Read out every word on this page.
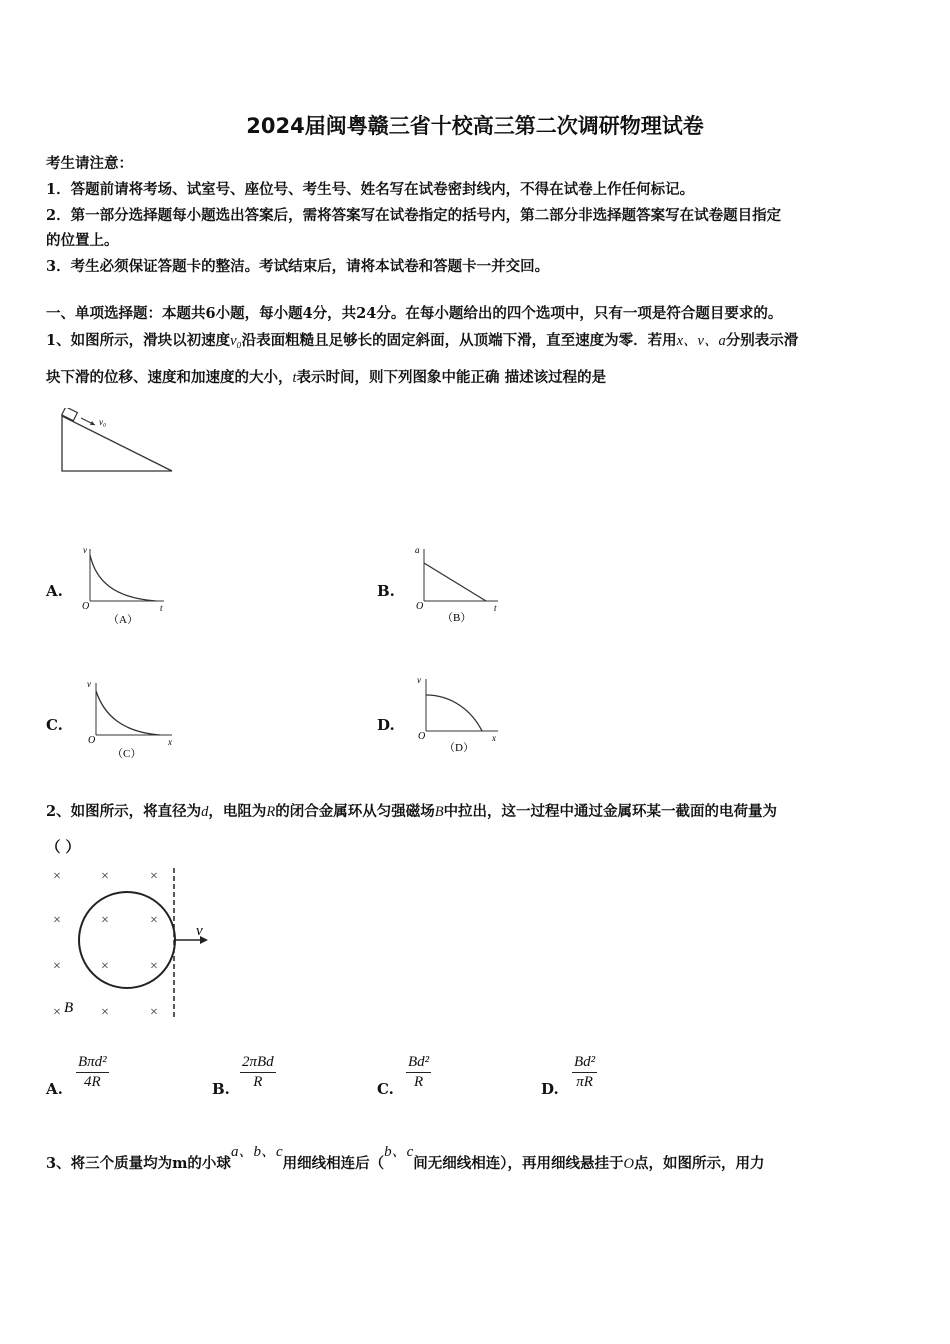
2024届闽粤赣三省十校高三第二次调研物理试卷
考生请注意：
1．答题前请将考场、试室号、座位号、考生号、姓名写在试卷密封线内，不得在试卷上作任何标记。
2．第一部分选择题每小题选出答案后，需将答案写在试卷指定的括号内，第二部分非选择题答案写在试卷题目指定
的位置上。
3．考生必须保证答题卡的整洁。考试结束后，请将本试卷和答题卡一并交回。
一、单项选择题：本题共6小题，每小题4分，共24分。在每小题给出的四个选项中，只有一项是符合题目要求的。
1、如图所示，滑块以初速度v₀沿表面粗糙且足够长的固定斜面，从顶端下滑，直至速度为零．若用x、v、a分别表示滑
块下滑的位移、速度和加速度的大小，t表示时间，则下列图象中能正确 描述该过程的是
v₀
A.
v
t
O
（A）
B.
a
t
O
（B）
C.
v
x
O
（C）
D.
v
x
O
（D）
2、如图所示，将直径为d，电阻为R的闭合金属环从匀强磁场B中拉出，这一过程中通过金属环某一截面的电荷量为
（ ）
×	×	×
×	×	×
×	×	×
×	×	×
B
v
A.
Bπd²
4R	B.
2πBd
R	C.
Bd²
R	D.
Bd²
πR
3、将三个质量均为m的小球a、b、c用细线相连后（b、c间无细线相连），再用细线悬挂于O点，如图所示，用力
